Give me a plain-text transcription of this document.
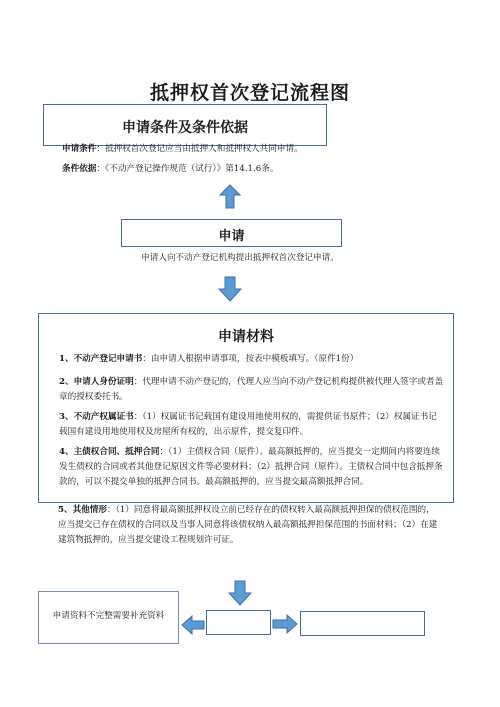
抵押权首次登记流程图
申请条件及条件依据
申请条件：抵押权首次登记应当由抵押人和抵押权人共同申请。
条件依据：《不动产登记操作规范（试行）》第14.1.6条。
申请
申请人向不动产登记机构提出抵押权首次登记申请。
申请材料
1、不动产登记申请书：由申请人根据申请事项，按表中模板填写。（原件1份）
2、申请人身份证明：代理申请不动产登记的，代理人应当向不动产登记机构提供被代理人签字或者盖章的授权委托书。
3、不动产权属证书：（1）权属证书记载国有建设用地使用权的，需提供证书原件；（2）权属证书记载国有建设用地使用权及房屋所有权的，出示原件，提交复印件。
4、主债权合同、抵押合同：（1）主债权合同（原件）。最高额抵押的，应当提交一定期间内将要连续发生债权的合同或者其他登记原因文件等必要材料；（2）抵押合同（原件）。主债权合同中包含抵押条款的，可以不提交单独的抵押合同书。最高额抵押的，应当提交最高额抵押合同。
5、其他情形：（1）同意将最高额抵押权设立前已经存在的债权转入最高额抵押担保的债权范围的，应当提交已存在债权的合同以及当事人同意将该债权纳入最高额抵押担保范围的书面材料；（2）在建建筑物抵押的，应当提交建设工程规划许可证。
申请资料不完整需要补充资料
